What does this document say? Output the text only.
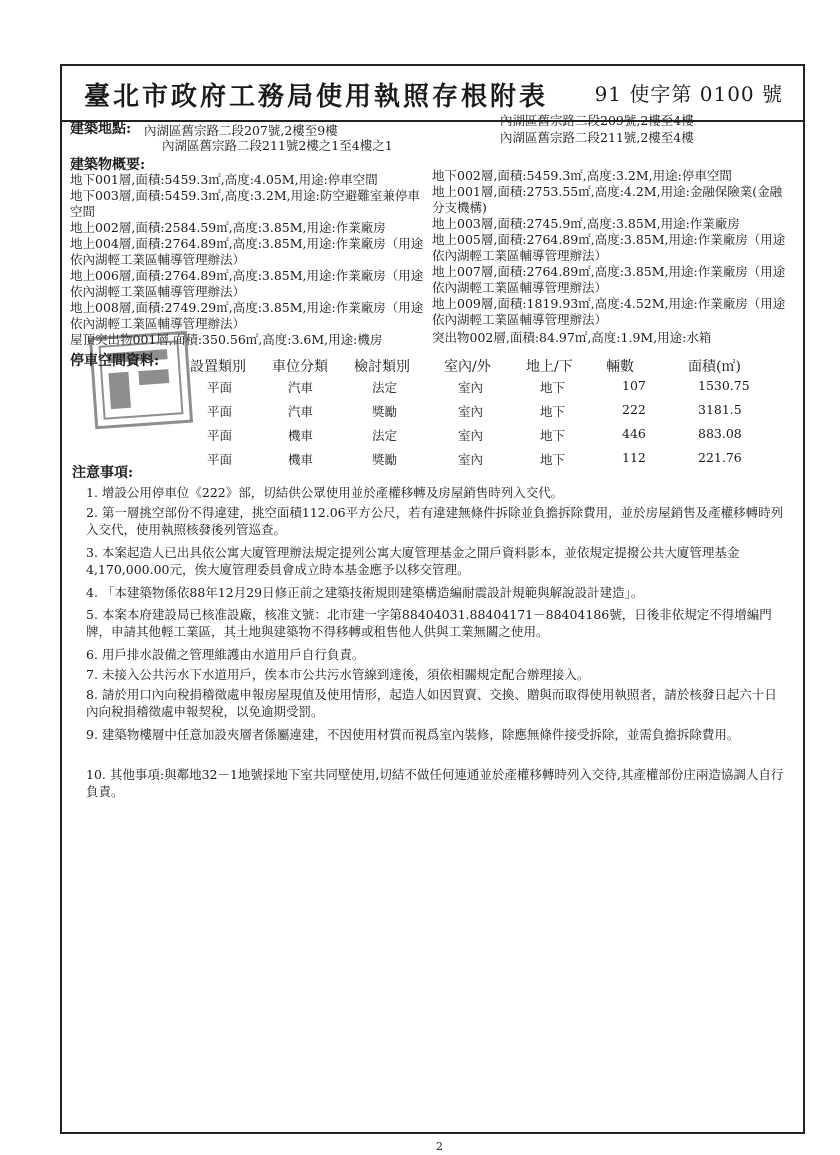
臺北市政府工務局使用執照存根附表 91 使字第 0100 號
建築地點: 內湖區舊宗路二段207號,2樓至9樓
內湖區舊宗路二段211號2樓之1至4樓之1
內湖區舊宗路二段209號,2樓至4樓
內湖區舊宗路二段211號,2樓至4樓
建築物概要:
地下001層,面積:5459.3㎡,高度:4.05M,用途:停車空間
地下003層,面積:5459.3㎡,高度:3.2M,用途:防空避難室兼停車
空間
地上002層,面積:2584.59㎡,高度:3.85M,用途:作業廠房
地上004層,面積:2764.89㎡,高度:3.85M,用途:作業廠房（用途
依內湖輕工業區輔導管理辦法）
地上006層,面積:2764.89㎡,高度:3.85M,用途:作業廠房（用途
依內湖輕工業區輔導管理辦法）
地上008層,面積:2749.29㎡,高度:3.85M,用途:作業廠房（用途
依內湖輕工業區輔導管理辦法）
屋頂突出物001層,面積:350.56㎡,高度:3.6M,用途:機房
地下002層,面積:5459.3㎡,高度:3.2M,用途:停車空間
地上001層,面積:2753.55㎡,高度:4.2M,用途:金融保險業(金融
分支機構)
地上003層,面積:2745.9㎡,高度:3.85M,用途:作業廠房
地上005層,面積:2764.89㎡,高度:3.85M,用途:作業廠房（用途
依內湖輕工業區輔導管理辦法）
地上007層,面積:2764.89㎡,高度:3.85M,用途:作業廠房（用途
依內湖輕工業區輔導管理辦法）
地上009層,面積:1819.93㎡,高度:4.52M,用途:作業廠房（用途
依內湖輕工業區輔導管理辦法）
突出物002層,面積:84.97㎡,高度:1.9M,用途:水箱
停車空間資料: 設置類別 車位分類 檢討類別 室內/外	地上/下 輛數	面積(㎡)
平面	汽車	法定	室內	地下	107	1530.75
平面	汽車	獎勵	室內	地下	222	3181.5
平面	機車	法定	室內	地下	446	883.08
平面	機車	獎勵	室內	地下	112	221.76
注意事項:
1. 增設公用停車位《222》部，切結供公眾使用並於產權移轉及房屋銷售時列入交代。
2. 第一層挑空部份不得違建，挑空面積112.06平方公尺，若有違建無條件拆除並負擔拆除費用，並於房屋銷售及產權移轉時列入交代，使用執照核發後列管巡查。
3. 本案起造人已出具依公寓大廈管理辦法規定提列公寓大廈管理基金之開戶資料影本，並依規定提撥公共大廈管理基金4,170,000.00元，俟大廈管理委員會成立時本基金應予以移交管理。
4. 「本建築物係依88年12月29日修正前之建築技術規則建築構造編耐震設計規範與解說設計建造」。
5. 本案本府建設局已核准設廠，核准文號：北市建一字第88404031.88404171－88404186號，日後非依規定不得增編門牌，申請其他輕工業區，其土地與建築物不得移轉或租售他人供與工業無關之使用。
6. 用戶排水設備之管理維護由水道用戶自行負責。
7. 未接入公共污水下水道用戶，俟本市公共污水管線到達後，須依相關規定配合辦理接入。
8. 請於用口內向稅捐稽徵處申報房屋現值及使用情形，起造人如因買賣、交換、贈與而取得使用執照者，請於核發日起六十日內向稅捐稽徵處申報契稅，以免逾期受罰。
9. 建築物樓層中任意加設夾層者係屬違建，不因使用材質而視爲室內裝修，除應無條件接受拆除，並需負擔拆除費用。
10. 其他事項:與鄰地32－1地號採地下室共同壁使用,切結不做任何連通並於產權移轉時列入交待,其產權部份庄兩造協調人自行負責。
2
